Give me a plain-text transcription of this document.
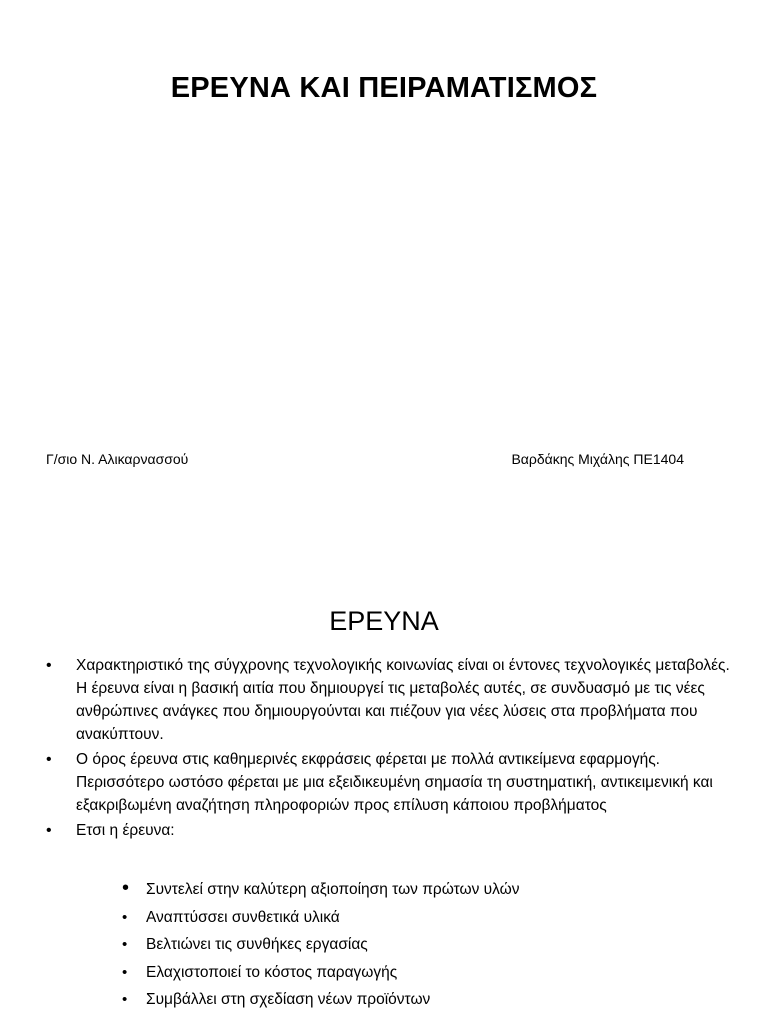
ΕΡΕΥΝΑ ΚΑΙ ΠΕΙΡΑΜΑΤΙΣΜΟΣ
Γ/σιο Ν. Αλικαρνασσού	Βαρδάκης Μιχάλης ΠΕ1404
ΕΡΕΥΝΑ
• Χαρακτηριστικό της σύγχρονης τεχνολογικής κοινωνίας είναι οι έντονες τεχνολογικές μεταβολές. Η έρευνα είναι η βασική αιτία που δημιουργεί τις μεταβολές αυτές, σε συνδυασμό με τις νέες ανθρώπινες ανάγκες που δημιουργούνται και πιέζουν για νέες λύσεις στα προβλήματα που ανακύπτουν.
• Ο όρος έρευνα στις καθημερινές εκφράσεις φέρεται με πολλά αντικείμενα εφαρμογής. Περισσότερο ωστόσο φέρεται με μια εξειδικευμένη σημασία τη συστηματική, αντικειμενική και εξακριβωμένη αναζήτηση πληροφοριών προς επίλυση κάποιου προβλήματος
• Ετσι η έρευνα:
• Συντελεί στην καλύτερη αξιοποίηση των πρώτων υλών
• Αναπτύσσει συνθετικά υλικά
• Βελτιώνει τις συνθήκες εργασίας
• Ελαχιστοποιεί το κόστος παραγωγής
• Συμβάλλει στη σχεδίαση νέων προϊόντων
